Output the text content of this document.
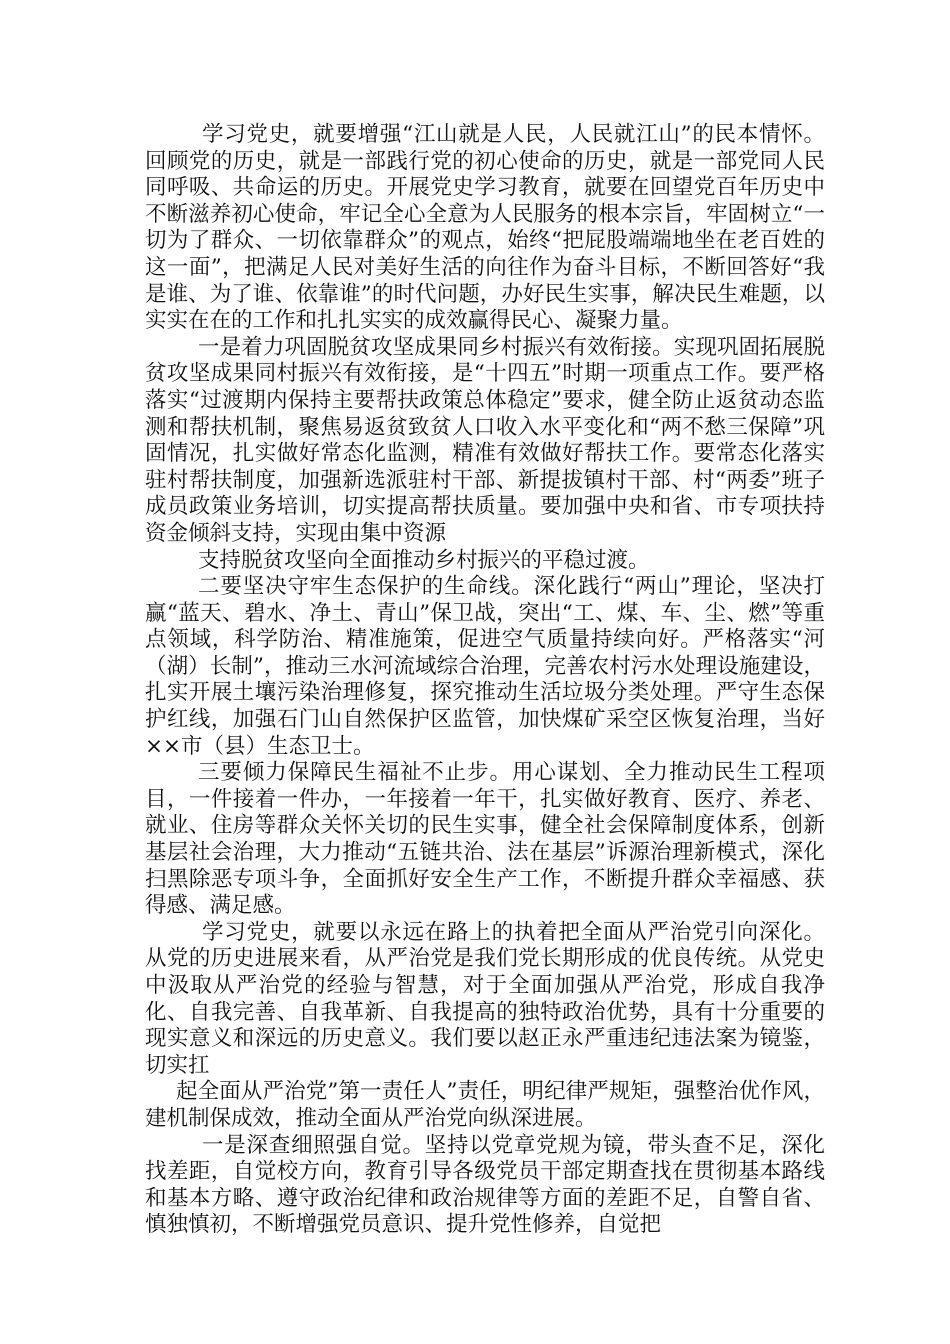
学习党史，就要增强“江山就是人民，人民就江山”的民本情怀。回顾党的历史，就是一部践行党的初心使命的历史，就是一部党同人民同呼吸、共命运的历史。开展党史学习教育，就要在回望党百年历史中不断滋养初心使命，牢记全心全意为人民服务的根本宗旨，牢固树立“一切为了群众、一切依靠群众”的观点，始终“把屁股端端地坐在老百姓的这一面”，把满足人民对美好生活的向往作为奋斗目标，不断回答好“我是谁、为了谁、依靠谁”的时代问题，办好民生实事，解决民生难题，以实实在在的工作和扎扎实实的成效赢得民心、凝聚力量。

一是着力巩固脱贫攻坚成果同乡村振兴有效衔接。实现巩固拓展脱贫攻坚成果同村振兴有效衔接，是“十四五”时期一项重点工作。要严格落实“过渡期内保持主要帮扶政策总体稳定”要求，健全防止返贫动态监测和帮扶机制，聚焦易返贫致贫人口收入水平变化和“两不愁三保障”巩固情况，扎实做好常态化监测，精准有效做好帮扶工作。要常态化落实驻村帮扶制度，加强新选派驻村干部、新提拔镇村干部、村“两委”班子成员政策业务培训，切实提高帮扶质量。要加强中央和省、市专项扶持资金倾斜支持，实现由集中资源

支持脱贫攻坚向全面推动乡村振兴的平稳过渡。

二要坚决守牢生态保护的生命线。深化践行“两山”理论，坚决打赢“蓝天、碧水、净土、青山”保卫战，突出“工、煤、车、尘、燃”等重点领域，科学防治、精准施策，促进空气质量持续向好。严格落实“河（湖）长制”，推动三水河流域综合治理，完善农村污水处理设施建设，扎实开展土壤污染治理修复，探究推动生活垃圾分类处理。严守生态保护红线，加强石门山自然保护区监管，加快煤矿采空区恢复治理，当好××市（县）生态卫士。

三要倾力保障民生福祉不止步。用心谋划、全力推动民生工程项目，一件接着一件办，一年接着一年干，扎实做好教育、医疗、养老、就业、住房等群众关怀关切的民生实事，健全社会保障制度体系，创新基层社会治理，大力推动“五链共治、法在基层”诉源治理新模式，深化扫黑除恶专项斗争，全面抓好安全生产工作，不断提升群众幸福感、获得感、满足感。

学习党史，就要以永远在路上的执着把全面从严治党引向深化。从党的历史进展来看，从严治党是我们党长期形成的优良传统。从党史中汲取从严治党的经验与智慧，对于全面加强从严治党，形成自我净化、自我完善、自我革新、自我提高的独特政治优势，具有十分重要的现实意义和深远的历史意义。我们要以赵正永严重违纪违法案为镜鉴，切实扛

起全面从严治党”第一责任人”责任，明纪律严规矩，强整治优作风，建机制保成效，推动全面从严治党向纵深进展。

一是深查细照强自觉。坚持以党章党规为镜，带头查不足，深化找差距，自觉校方向，教育引导各级党员干部定期查找在贯彻基本路线和基本方略、遵守政治纪律和政治规律等方面的差距不足，自警自省、慎独慎初，不断增强党员意识、提升党性修养，自觉把
